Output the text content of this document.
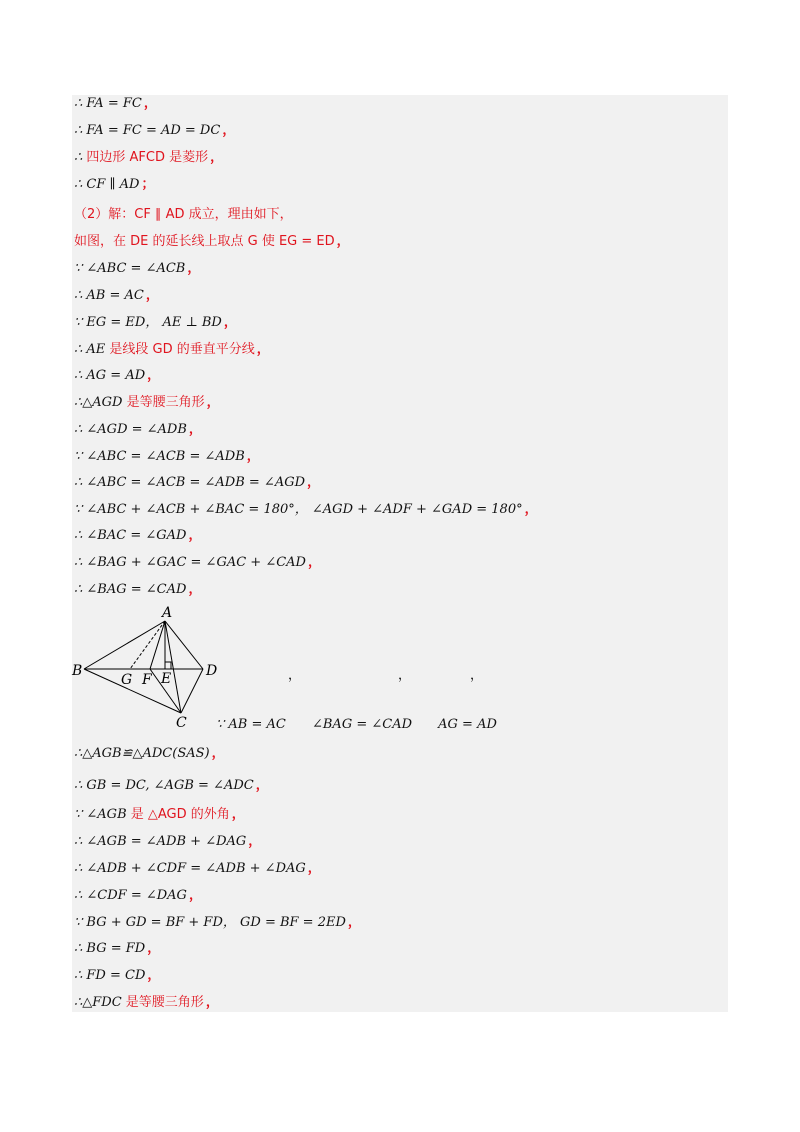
∴ FA = FC ，
∴ FA = FC = AD = DC ，
∴ 四边形 AFCD 是菱形 ，
∴ CF ∥ AD ；
（2）解：CF ∥ AD 成立，理由如下，
如图，在 DE 的延长线上取点 G 使 EG = ED ，
∵ ∠ABC = ∠ACB ，
∴ AB = AC ，
∵ EG = ED， AE ⊥ BD ，
∴ AE 是线段 GD 的垂直平分线 ，
∴ AG = AD ，
∴△AGD 是等腰三角形 ，
∴ ∠AGD = ∠ADB ，
∵ ∠ABC = ∠ACB = ∠ADB ，
∴ ∠ABC = ∠ACB = ∠ADB = ∠AGD ，
∵ ∠ABC + ∠ACB + ∠BAC = 180°， ∠AGD + ∠ADF + ∠GAD = 180° ，
∴ ∠BAC = ∠GAD ，
∴ ∠BAG + ∠GAC = ∠GAC + ∠CAD ，
∴ ∠BAG = ∠CAD ，
∴△AGB≌△ADC(SAS) ，
∴ GB = DC, ∠AGB = ∠ADC ，
∵ ∠AGB 是 △AGD 的外角 ，
∴ ∠AGB = ∠ADB + ∠DAG ，
∴ ∠ADB + ∠CDF = ∠ADB + ∠DAG ，
∴ ∠CDF = ∠DAG ，
∵ BG + GD = BF + FD， GD = BF = 2ED ，
∴ BG = FD ，
∴ FD = CD ，
∴△FDC 是等腰三角形 ，
A
B
C
D
E
F
G	，	，	，
∵ AB = AC ∠BAG = ∠CAD AG = AD
